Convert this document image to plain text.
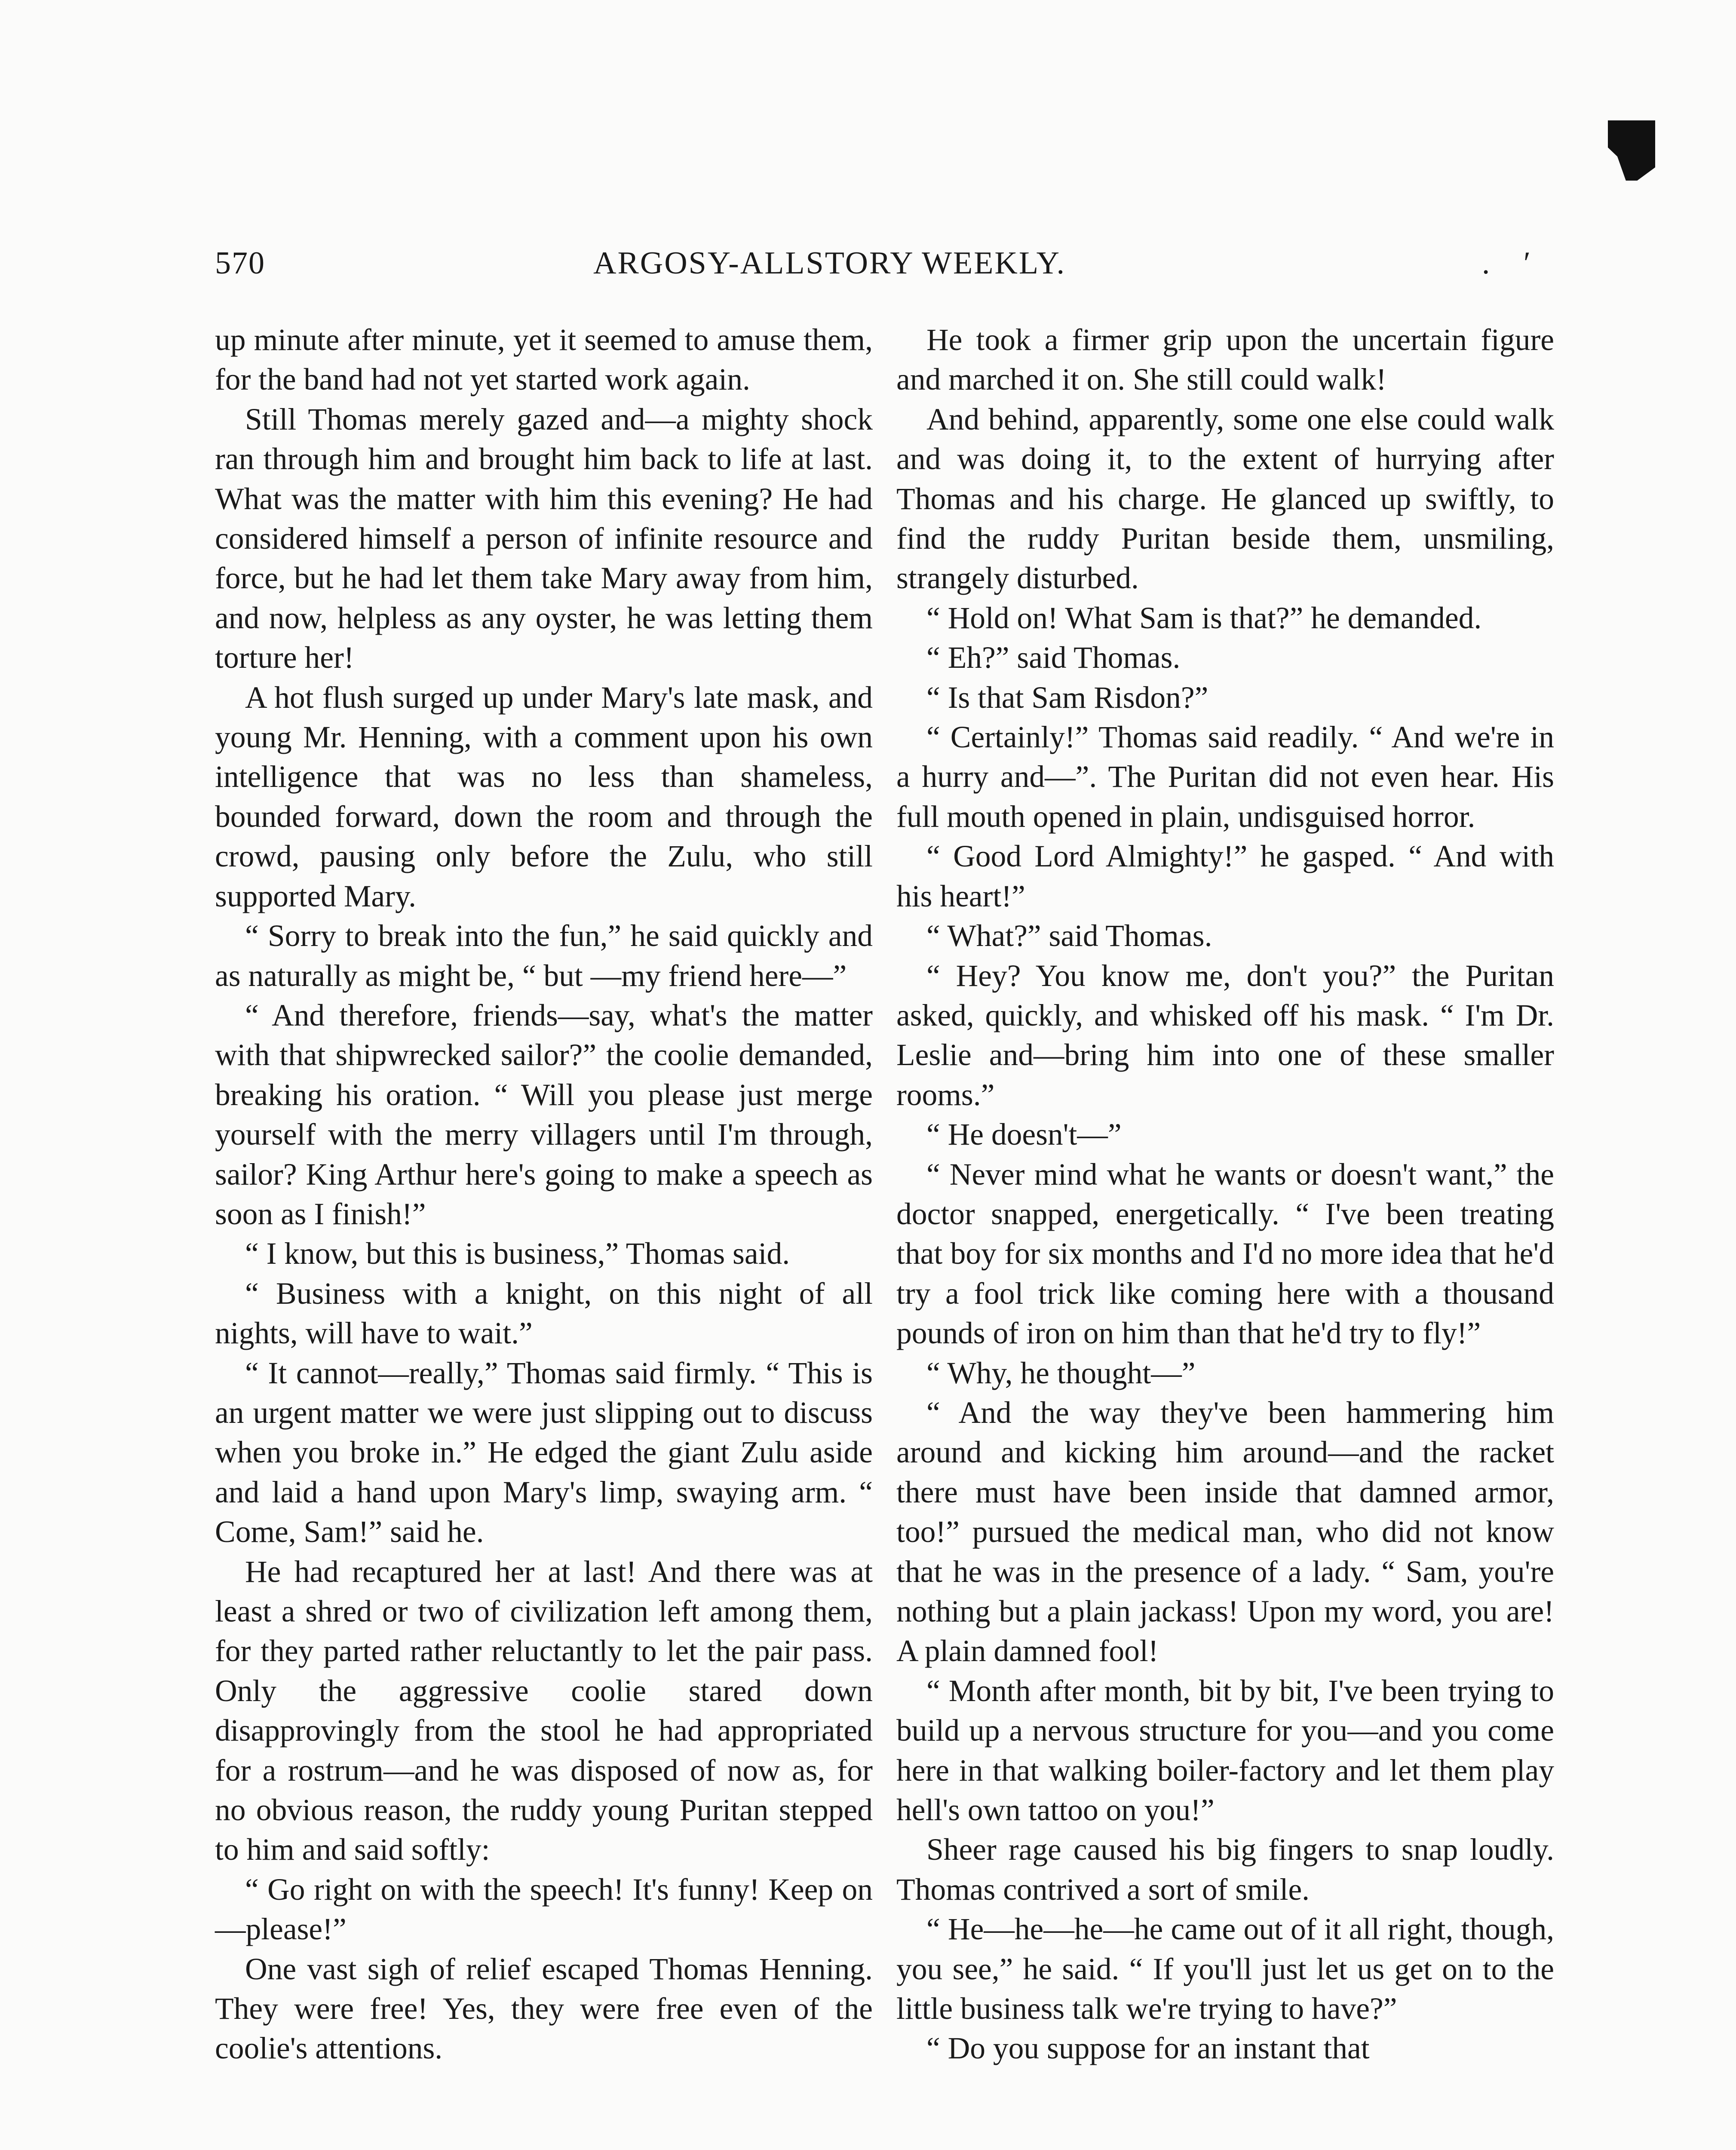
570	ARGOSY-ALLSTORY WEEKLY.	. ′

up minute after minute, yet it seemed to amuse them, for the band had not yet started work again.

Still Thomas merely gazed and—a mighty shock ran through him and brought him back to life at last. What was the matter with him this evening? He had considered himself a person of infinite resource and force, but he had let them take Mary away from him, and now, helpless as any oyster, he was letting them torture her!

A hot flush surged up under Mary's late mask, and young Mr. Henning, with a comment upon his own intelligence that was no less than shameless, bounded forward, down the room and through the crowd, pausing only before the Zulu, who still supported Mary.

“ Sorry to break into the fun,” he said quickly and as naturally as might be, “ but —my friend here—”

“ And therefore, friends—say, what's the matter with that shipwrecked sailor?” the coolie demanded, breaking his oration. “ Will you please just merge yourself with the merry villagers until I'm through, sailor? King Arthur here's going to make a speech as soon as I finish!”

“ I know, but this is business,” Thomas said.

“ Business with a knight, on this night of all nights, will have to wait.”

“ It cannot—really,” Thomas said firmly. “ This is an urgent matter we were just slipping out to discuss when you broke in.” He edged the giant Zulu aside and laid a hand upon Mary's limp, swaying arm. “ Come, Sam!” said he.

He had recaptured her at last! And there was at least a shred or two of civilization left among them, for they parted rather reluctantly to let the pair pass. Only the aggressive coolie stared down disapprovingly from the stool he had appropriated for a rostrum—and he was disposed of now as, for no obvious reason, the ruddy young Puritan stepped to him and said softly:

“ Go right on with the speech! It's funny! Keep on—please!”

One vast sigh of relief escaped Thomas Henning. They were free! Yes, they were free even of the coolie's attentions.

He took a firmer grip upon the uncertain figure and marched it on. She still could walk!

And behind, apparently, some one else could walk and was doing it, to the extent of hurrying after Thomas and his charge. He glanced up swiftly, to find the ruddy Puritan beside them, unsmiling, strangely disturbed.

“ Hold on! What Sam is that?” he demanded.

“ Eh?” said Thomas.

“ Is that Sam Risdon?”

“ Certainly!” Thomas said readily. “ And we're in a hurry and—”. The Puritan did not even hear. His full mouth opened in plain, undisguised horror.

“ Good Lord Almighty!” he gasped. “ And with his heart!”

“ What?” said Thomas.

“ Hey? You know me, don't you?” the Puritan asked, quickly, and whisked off his mask. “ I'm Dr. Leslie and—bring him into one of these smaller rooms.”

“ He doesn't—”

“ Never mind what he wants or doesn't want,” the doctor snapped, energetically. “ I've been treating that boy for six months and I'd no more idea that he'd try a fool trick like coming here with a thousand pounds of iron on him than that he'd try to fly!”

“ Why, he thought—”

“ And the way they've been hammering him around and kicking him around—and the racket there must have been inside that damned armor, too!” pursued the medical man, who did not know that he was in the presence of a lady. “ Sam, you're nothing but a plain jackass! Upon my word, you are! A plain damned fool!

“ Month after month, bit by bit, I've been trying to build up a nervous structure for you—and you come here in that walking boiler-factory and let them play hell's own tattoo on you!”

Sheer rage caused his big fingers to snap loudly. Thomas contrived a sort of smile.

“ He—he—he—he came out of it all right, though, you see,” he said. “ If you'll just let us get on to the little business talk we're trying to have?”

“ Do you suppose for an instant that
